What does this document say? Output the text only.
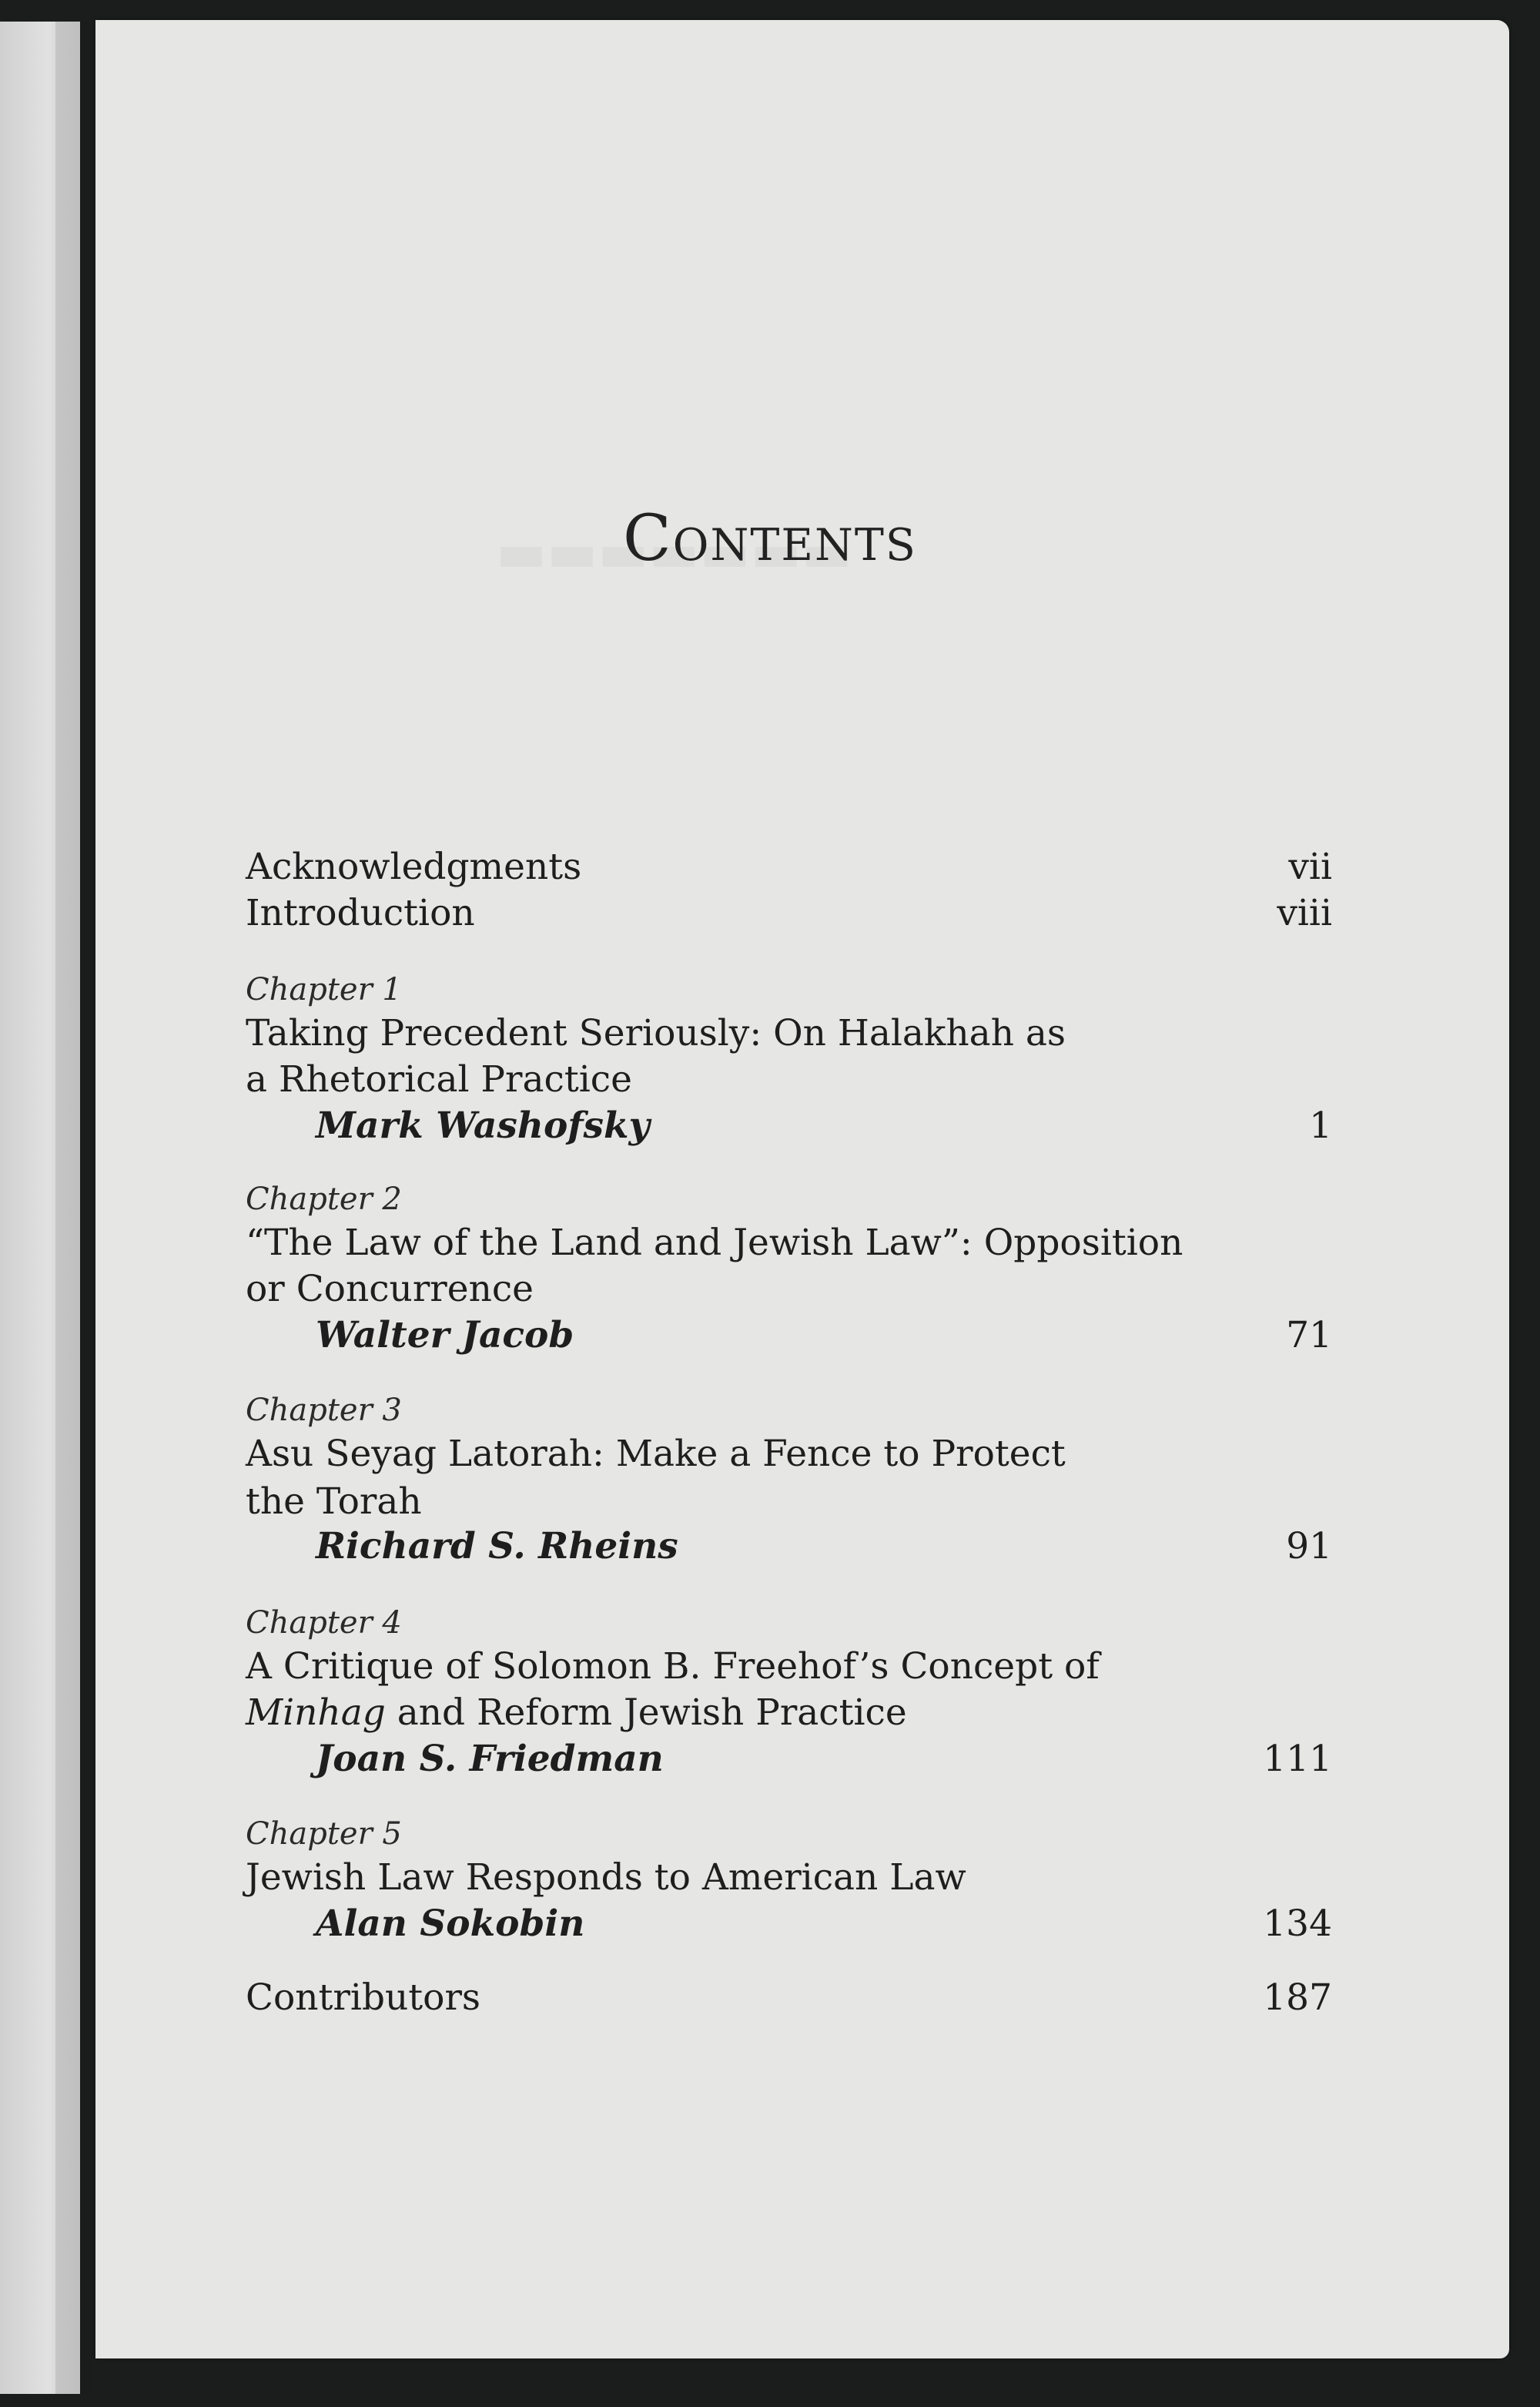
Contents
Acknowledgments	vii
Introduction	viii
Chapter 1
Taking Precedent Seriously: On Halakhah as
a Rhetorical Practice
Mark Washofsky	1
Chapter 2
“The Law of the Land and Jewish Law”: Opposition
or Concurrence
Walter Jacob	71
Chapter 3
Asu Seyag Latorah: Make a Fence to Protect
the Torah
Richard S. Rheins	91
Chapter 4
A Critique of Solomon B. Freehof’s Concept of
Minhag and Reform Jewish Practice
Joan S. Friedman	111
Chapter 5
Jewish Law Responds to American Law
Alan Sokobin	134
Contributors	187
